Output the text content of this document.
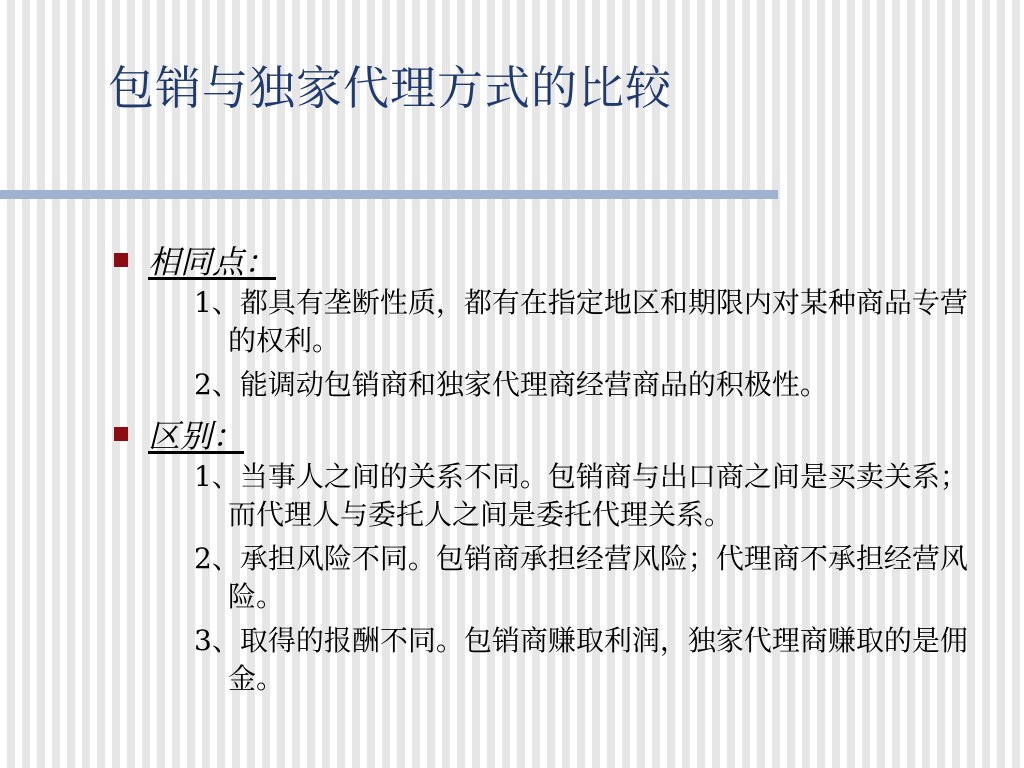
包销与独家代理方式的比较
相同点：
1、都具有垄断性质，都有在指定地区和期限内对某种商品专营的权利。
2、能调动包销商和独家代理商经营商品的积极性。
区别：
1、当事人之间的关系不同。包销商与出口商之间是买卖关系；而代理人与委托人之间是委托代理关系。
2、承担风险不同。包销商承担经营风险；代理商不承担经营风险。
3、取得的报酬不同。包销商赚取利润，独家代理商赚取的是佣金。
